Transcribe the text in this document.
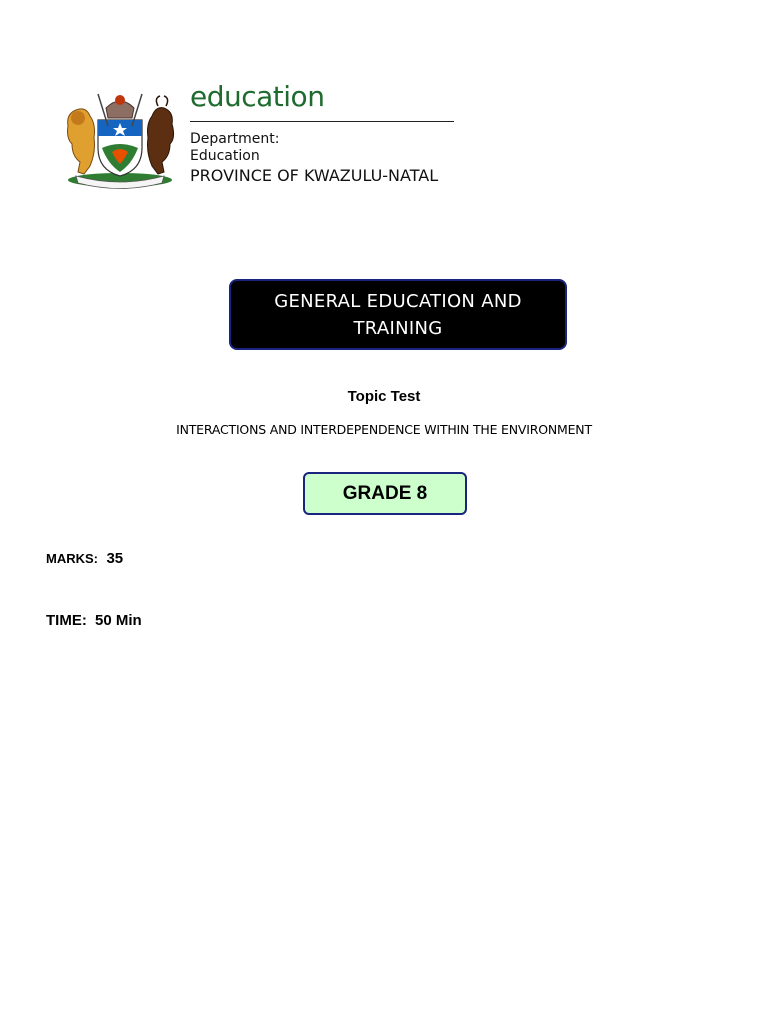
education
Department:
Education
PROVINCE OF KWAZULU-NATAL
GENERAL EDUCATION AND TRAINING
Topic Test
INTERACTIONS AND INTERDEPENDENCE WITHIN THE ENVIRONMENT
GRADE 8
MARKS: 35
TIME: 50 Min
